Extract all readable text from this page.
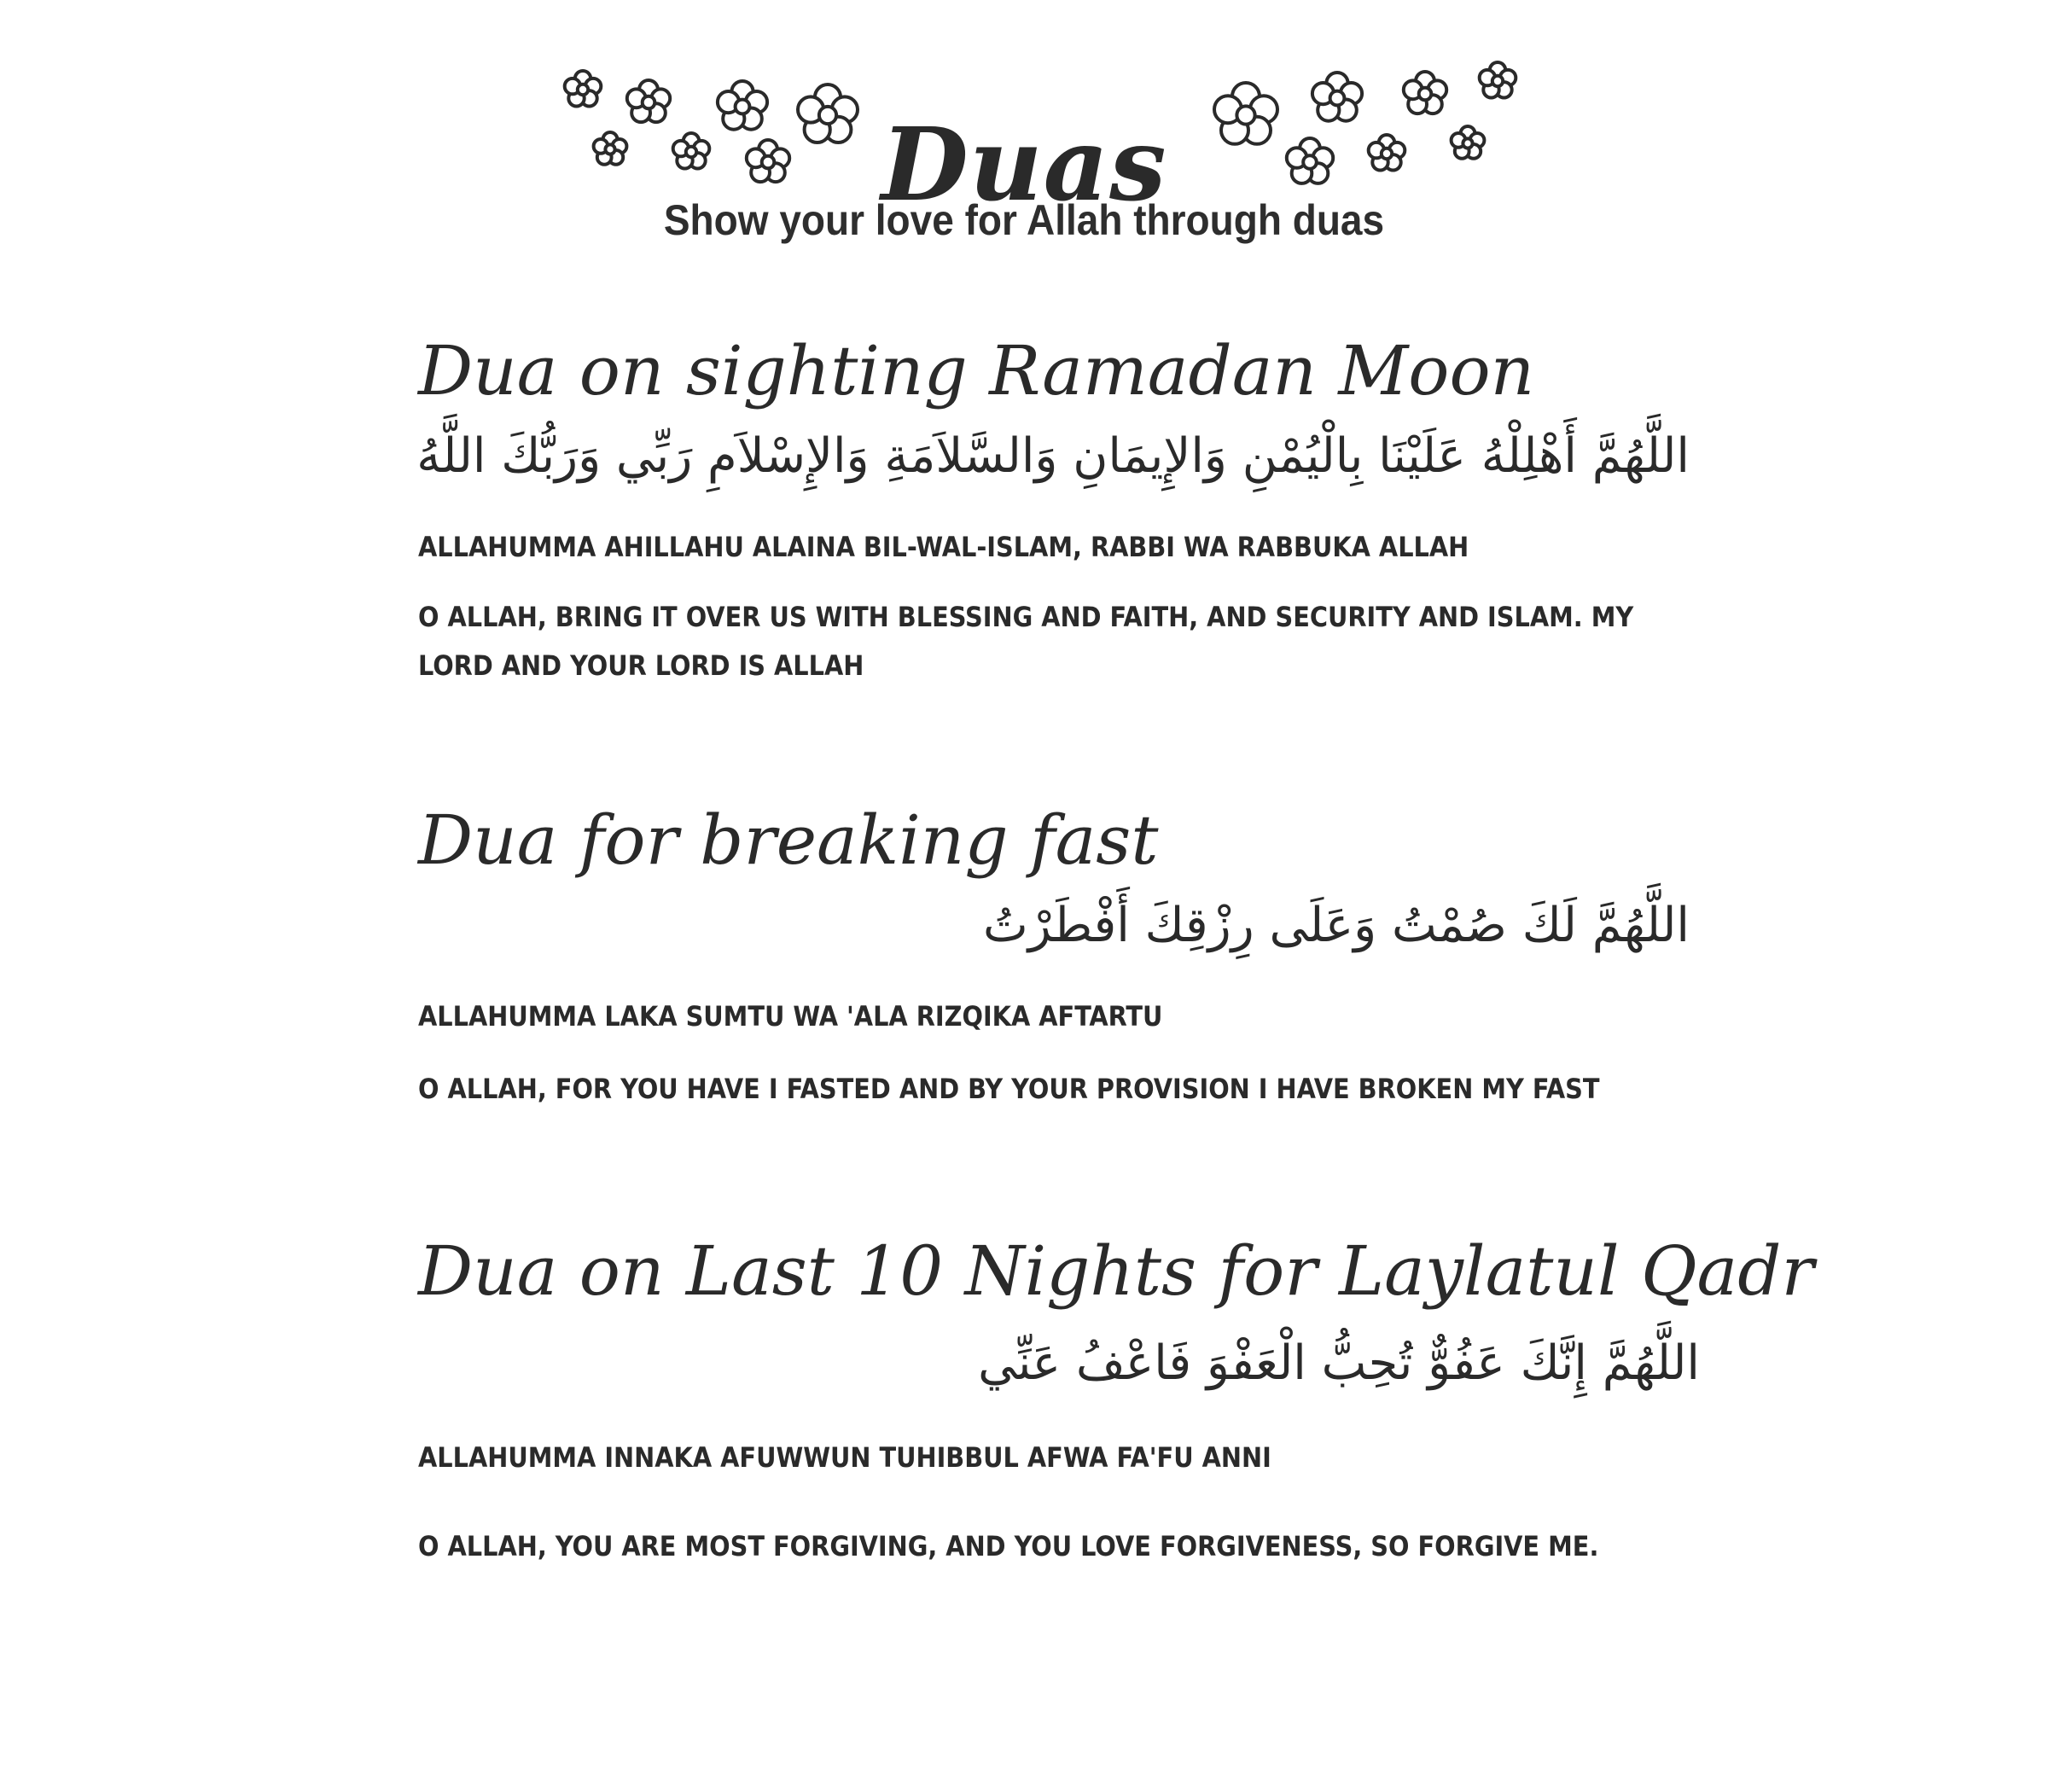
Duas
Show your love for Allah through duas
Dua on sighting Ramadan Moon
اللَّهُمَّ أَهْلِلْهُ عَلَيْنَا بِالْيُمْنِ وَالإِيمَانِ وَالسَّلاَمَةِ وَالإِسْلاَمِ رَبِّي وَرَبُّكَ اللَّهُ
ALLAHUMMA AHILLAHU ALAINA BIL-WAL-ISLAM, RABBI WA RABBUKA ALLAH
O ALLAH, BRING IT OVER US WITH BLESSING AND FAITH, AND SECURITY AND ISLAM. MY LORD AND YOUR LORD IS ALLAH
Dua for breaking fast
اللَّهُمَّ لَكَ صُمْتُ وَعَلَى رِزْقِكَ أَفْطَرْتُ
ALLAHUMMA LAKA SUMTU WA 'ALA RIZQIKA AFTARTU
O ALLAH, FOR YOU HAVE I FASTED AND BY YOUR PROVISION I HAVE BROKEN MY FAST
Dua on Last 10 Nights for Laylatul Qadr
اللَّهُمَّ إِنَّكَ عَفُوٌّ تُحِبُّ الْعَفْوَ فَاعْفُ عَنِّي
ALLAHUMMA INNAKA AFUWWUN TUHIBBUL AFWA FA'FU ANNI
O ALLAH, YOU ARE MOST FORGIVING, AND YOU LOVE FORGIVENESS, SO FORGIVE ME.
